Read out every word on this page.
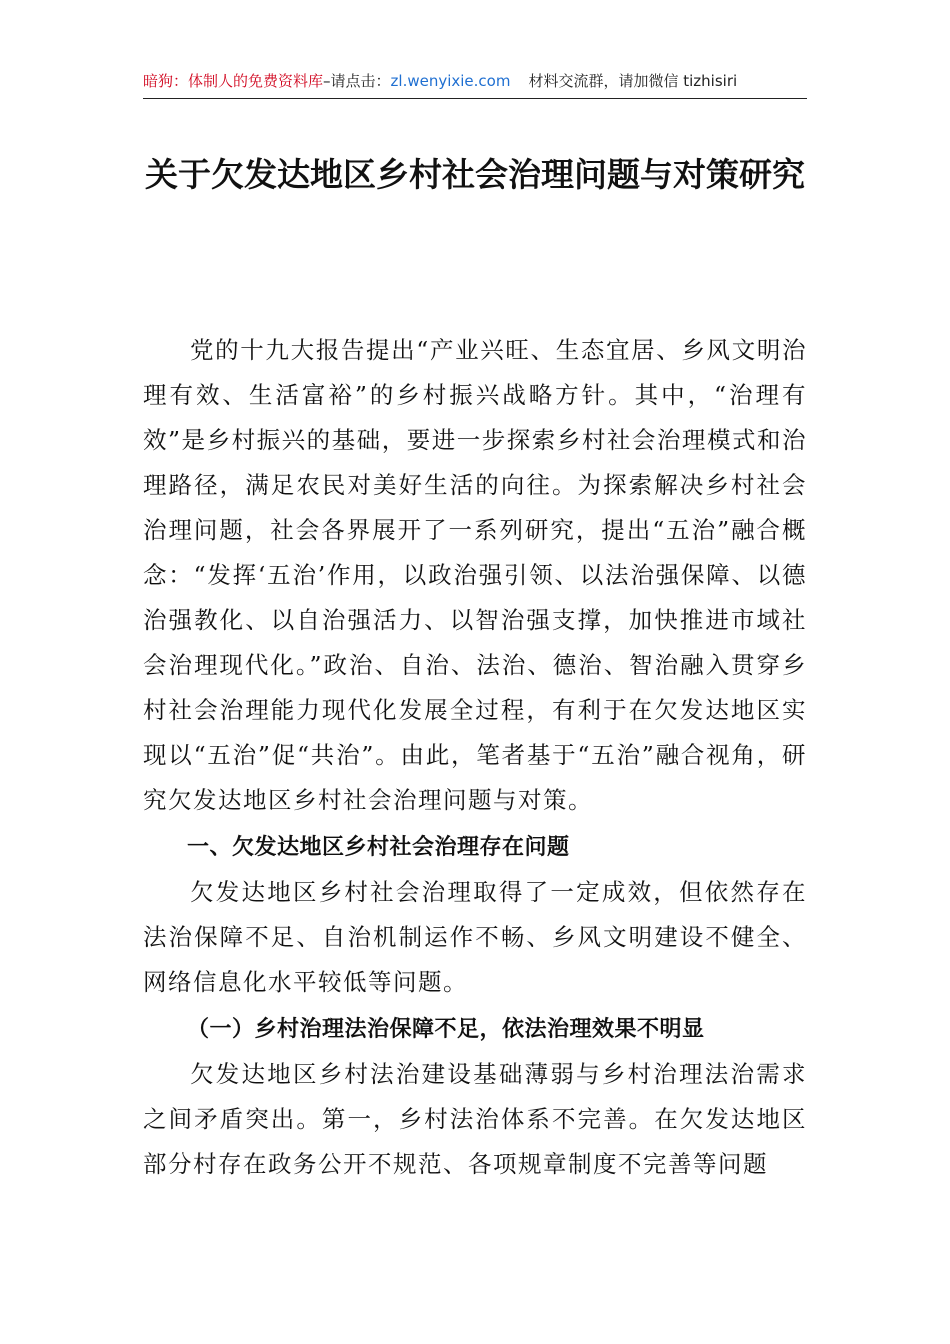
暗狗：体制人的免费资料库–请点击：zl.wenyixie.com 材料交流群，请加微信 tizhisiri
关于欠发达地区乡村社会治理问题与对策研究

党的十九大报告提出“产业兴旺、生态宜居、乡风文明治理有效、生活富裕”的乡村振兴战略方针。其中，“治理有效”是乡村振兴的基础，要进一步探索乡村社会治理模式和治理路径，满足农民对美好生活的向往。为探索解决乡村社会治理问题，社会各界展开了一系列研究，提出“五治”融合概念：“发挥‘五治’作用，以政治强引领、以法治强保障、以德治强教化、以自治强活力、以智治强支撑，加快推进市域社会治理现代化。”政治、自治、法治、德治、智治融入贯穿乡村社会治理能力现代化发展全过程，有利于在欠发达地区实现以“五治”促“共治”。由此，笔者基于“五治”融合视角，研究欠发达地区乡村社会治理问题与对策。

一、欠发达地区乡村社会治理存在问题

欠发达地区乡村社会治理取得了一定成效，但依然存在法治保障不足、自治机制运作不畅、乡风文明建设不健全、网络信息化水平较低等问题。

（一）乡村治理法治保障不足，依法治理效果不明显

欠发达地区乡村法治建设基础薄弱与乡村治理法治需求之间矛盾突出。第一，乡村法治体系不完善。在欠发达地区部分村存在政务公开不规范、各项规章制度不完善等问题
